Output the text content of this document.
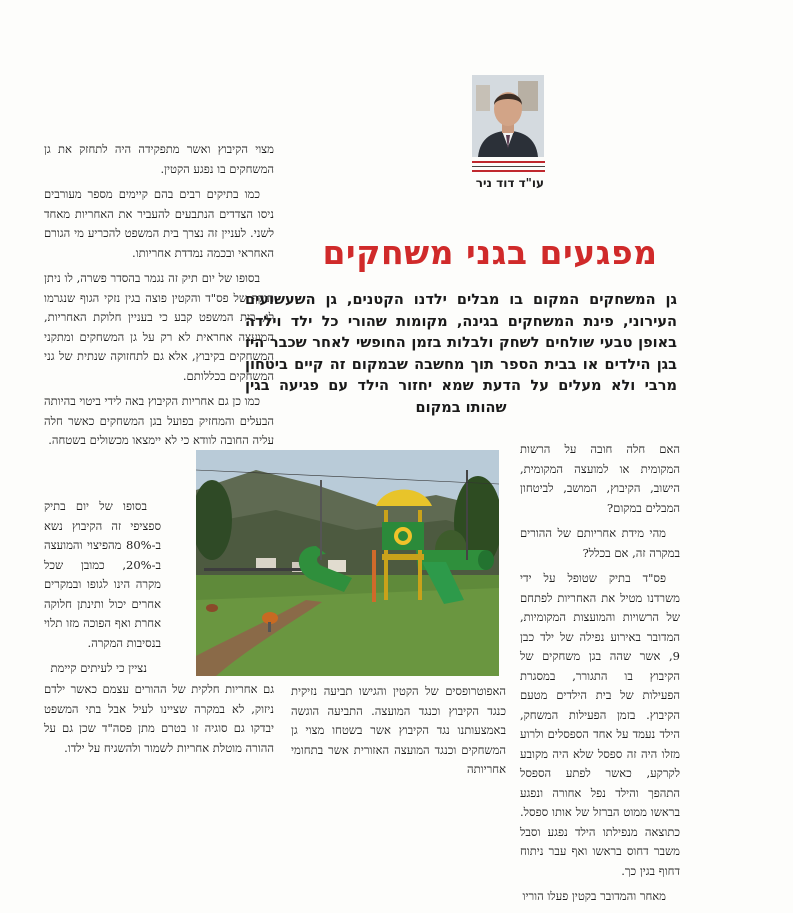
עו"ד דוד ניר
מפגעים בגני משחקים
גן המשחקים המקום בו מבלים ילדנו הקטנים, גן השעשועים העירוני, פינת המשחקים בגינה, מקומות שהורי כל ילד וילדה באופן טבעי שולחים לשחק ולבלות בזמן החופשי לאחר שכבר היו בגן הילדים או בבית הספר תוך מחשבה שבמקום זה קיים ביטחון מרבי ולא מעלים על הדעת שמא יחזור הילד עם פגיעה בגין שהותו במקום

מצוי הקיבוץ ואשר מתפקידה היה לתחזק את גן המשחקים בו נפגע הקטין.

כמו בתיקים רבים בהם קיימים מספר מעורבים ניסו הצדדים הנתבעים להעביר את האחריות מאחד לשני. לעניין זה נצרך בית המשפט להכריע מי הגורם האחראי ובכמה נמדדת אחריותו.

בסופו של יום תיק זה נגמר בהסדר פשרה, לו ניתן תוקף של פס"ד והקטין פוצה בגין נזקי הגוף שנגרמו לו, בית המשפט קבע כי בעניין חלוקת האחריות, המועצה אחראית לא רק על גן המשחקים ומתקני המשחקים בקיבוץ, אלא גם לתחזוקה שנתית של גני המשחקים בכללותם.

כמו כן גם אחריות הקיבוץ באה לידי ביטוי בהיותה הבעלים והמחזיק בפועל בגן המשחקים כאשר חלה עליה החובה לוודא כי לא יימצאו מכשולים בשטחה.

בסופו של יום בתיק ספציפי זה הקיבוץ נשא ב-80% מהפיצוי והמועצה ב-20%, כמובן שכל מקרה הינו לגופו ובמקרים אחרים יכול ותינתן חלוקה אחרת ואף הפוכה מזו תלוי בנסיבות המקרה.

נציין כי לעיתים קיימת

גם אחריות חלקית של ההורים עצמם כאשר ילדם ניזוק, לא במקרה שציינו לעיל אבל בתי המשפט יבדקו גם סוגיה זו בטרם מתן פסה"ד שכן גם על ההורה מוטלת אחריות לשמור ולהשגיח על ילדו.

האפוטרופסים של הקטין והגישו תביעה נזיקית כנגד הקיבוץ וכנגד המועצה. התביעה הוגשה באמצעותנו נגד הקיבוץ אשר בשטחו מצוי גן המשחקים וכנגד המועצה האזורית אשר בתחומי אחריותה

האם חלה חובה על הרשות המקומית או למועצה המקומית, הישוב, הקיבוץ, המושב, לביטחון המבלים במקום?

מהי מידת אחריותם של ההורים במקרה זה, אם בכלל?

פס"ד בתיק שטופל על ידי משרדנו מטיל את האחריות לפתחם של הרשויות והמועצות המקומיות, המדובר באירוע נפילה של ילד כבן 9, אשר שהה בגן משחקים של הקיבוץ בו התגורר, במסגרת הפעילות של בית הילדים מטעם הקיבוץ. בזמן הפעילות המשחק, הילד נעמד על אחד הספסלים ולרוע מזלו היה זה ספסל שלא היה מקובע לקרקע, כאשר לפתע הספסל התהפך והילד נפל אחורה ונפגע בראשו ממוט הברזל של אותו ספסל. כתוצאה מנפילתו הילד נפגע וסבל משבר דחוס בראשו ואף עבר ניתוח דחוף בגין כך.

מאחר והמדובר בקטין פעלו הוריו
